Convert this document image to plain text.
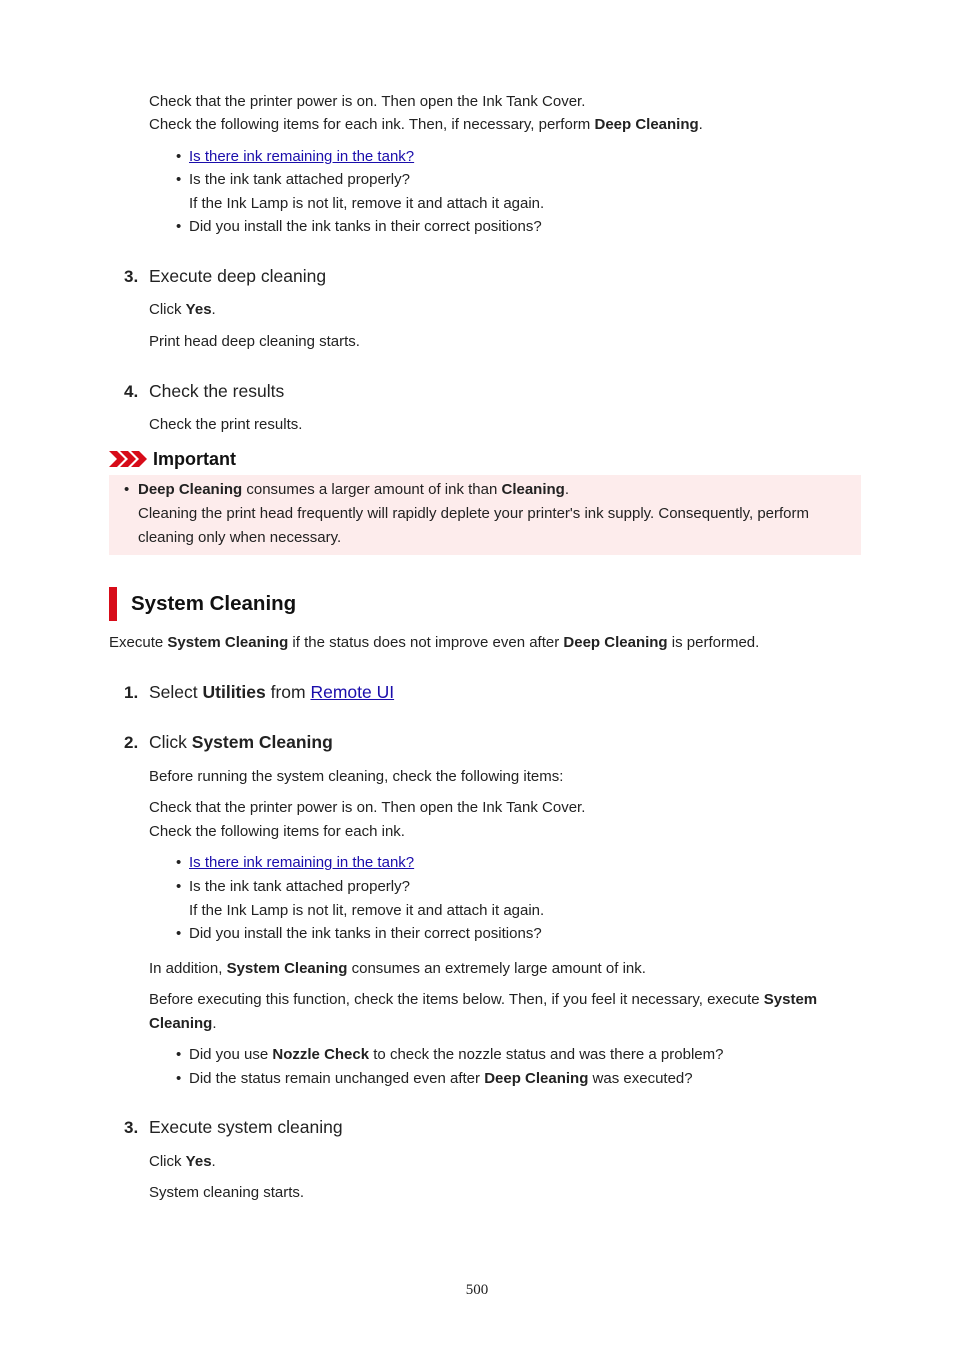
Check that the printer power is on. Then open the Ink Tank Cover.
Check the following items for each ink. Then, if necessary, perform Deep Cleaning.
• Is there ink remaining in the tank?
• Is the ink tank attached properly?
If the Ink Lamp is not lit, remove it and attach it again.
• Did you install the ink tanks in their correct positions?
3. Execute deep cleaning
Click Yes.
Print head deep cleaning starts.
4. Check the results
Check the print results.
Important
• Deep Cleaning consumes a larger amount of ink than Cleaning.
Cleaning the print head frequently will rapidly deplete your printer's ink supply. Consequently, perform
cleaning only when necessary.
System Cleaning
Execute System Cleaning if the status does not improve even after Deep Cleaning is performed.
1. Select Utilities from Remote UI
2. Click System Cleaning
Before running the system cleaning, check the following items:
Check that the printer power is on. Then open the Ink Tank Cover.
Check the following items for each ink.
• Is there ink remaining in the tank?
• Is the ink tank attached properly?
If the Ink Lamp is not lit, remove it and attach it again.
• Did you install the ink tanks in their correct positions?
In addition, System Cleaning consumes an extremely large amount of ink.
Before executing this function, check the items below. Then, if you feel it necessary, execute System
Cleaning.
• Did you use Nozzle Check to check the nozzle status and was there a problem?
• Did the status remain unchanged even after Deep Cleaning was executed?
3. Execute system cleaning
Click Yes.
System cleaning starts.
500
